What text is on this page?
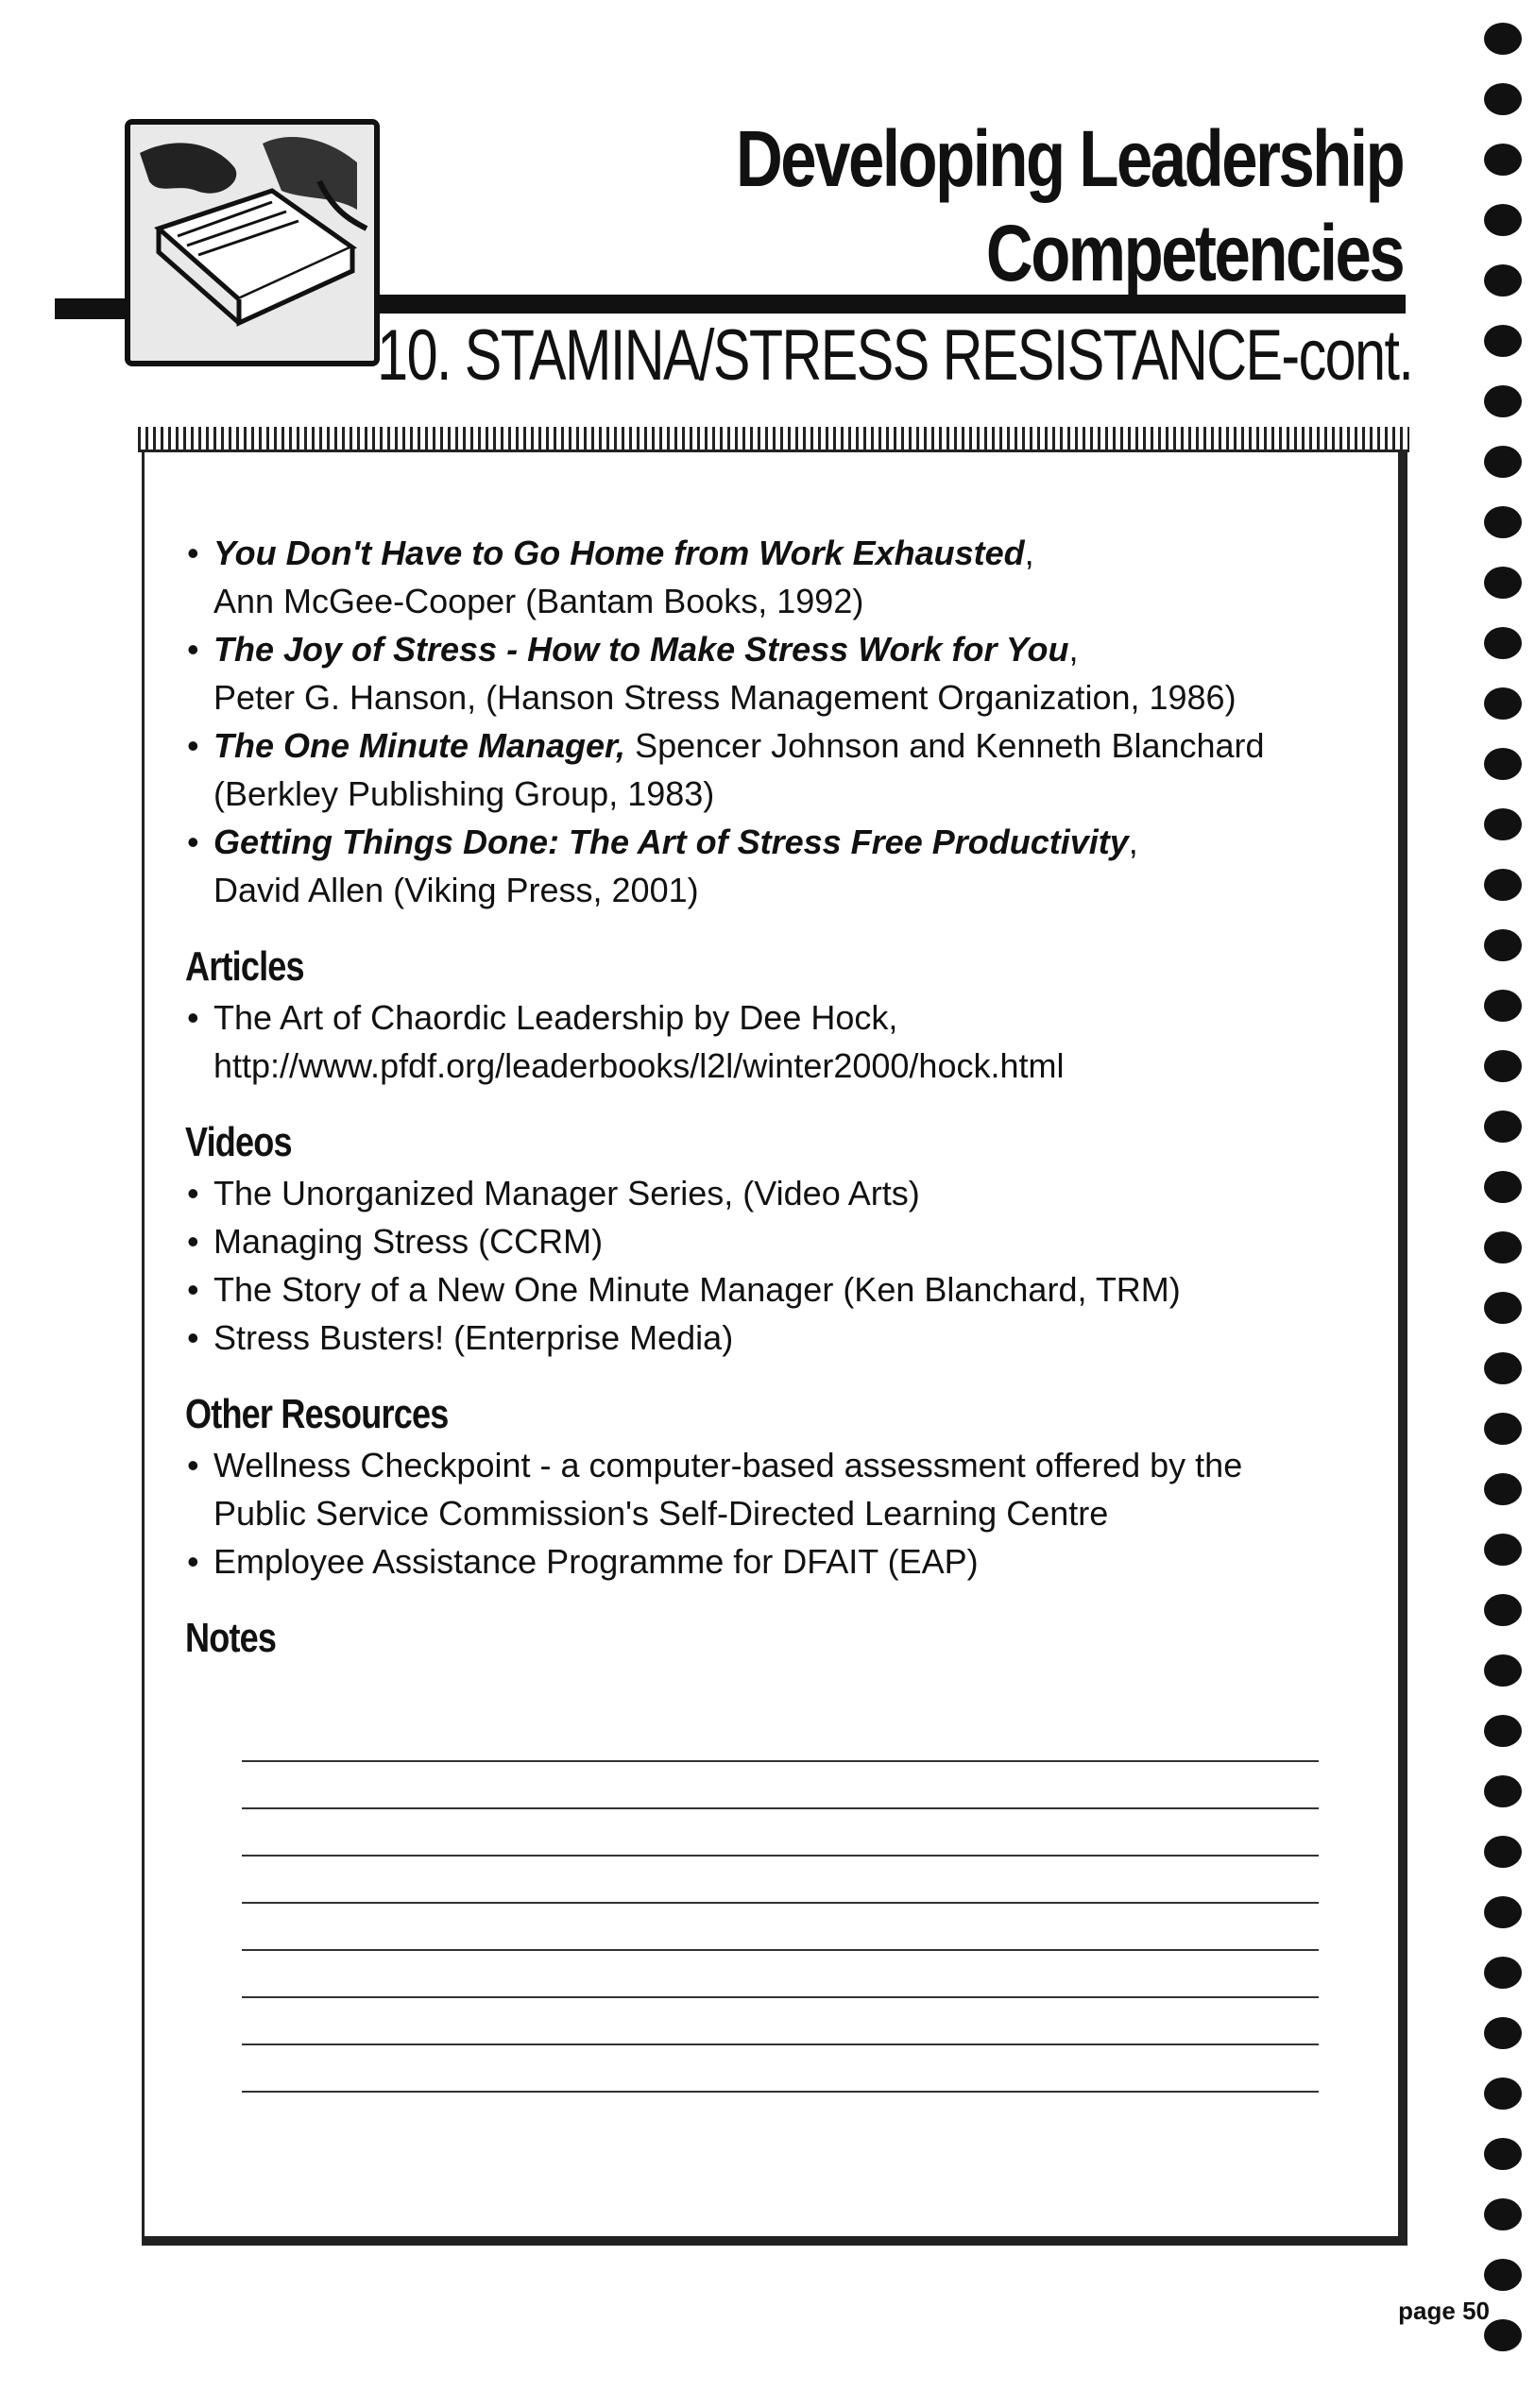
Developing Leadership
Competencies
10. STAMINA/STRESS RESISTANCE-cont.
• You Don't Have to Go Home from Work Exhausted,
Ann McGee-Cooper (Bantam Books, 1992)
• The Joy of Stress - How to Make Stress Work for You,
Peter G. Hanson, (Hanson Stress Management Organization, 1986)
• The One Minute Manager, Spencer Johnson and Kenneth Blanchard
(Berkley Publishing Group, 1983)
• Getting Things Done: The Art of Stress Free Productivity,
David Allen (Viking Press, 2001)
Articles
• The Art of Chaordic Leadership by Dee Hock,
http://www.pfdf.org/leaderbooks/l2l/winter2000/hock.html
Videos
• The Unorganized Manager Series, (Video Arts)
• Managing Stress (CCRM)
• The Story of a New One Minute Manager (Ken Blanchard, TRM)
• Stress Busters! (Enterprise Media)
Other Resources
• Wellness Checkpoint - a computer-based assessment offered by the
Public Service Commission's Self-Directed Learning Centre
• Employee Assistance Programme for DFAIT (EAP)
Notes
page 50
